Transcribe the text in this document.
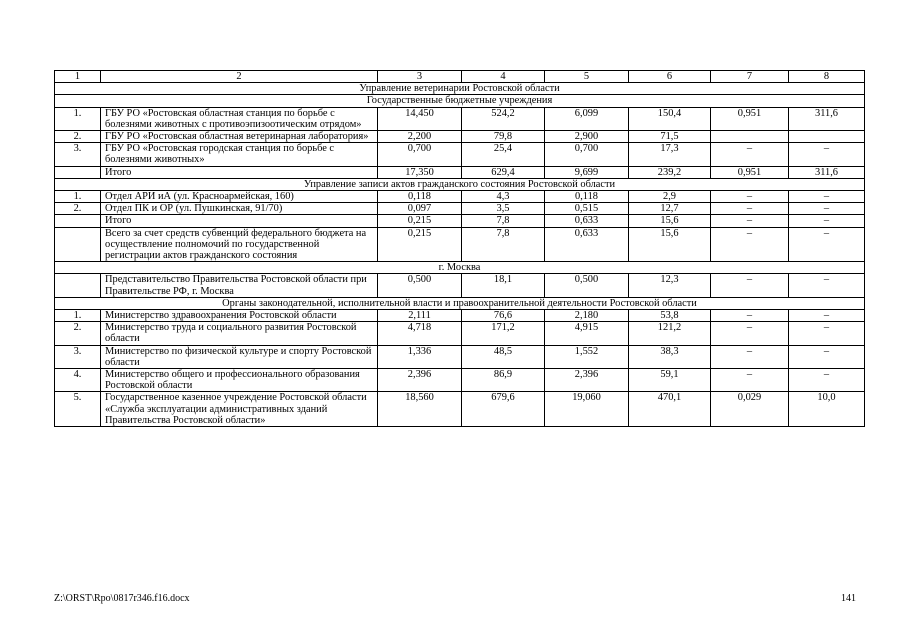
1	2	3	4	5	6	7	8
Управление ветеринарии Ростовской области							
Государственные бюджетные учреждения							
1.	ГБУ РО «Ростовская областная станция по борьбе с болезнями животных с противоэпизоотическим отрядом»	14,450	524,2	6,099	150,4	0,951	311,6
2.	ГБУ РО «Ростовская областная ветеринарная лаборатория»	2,200	79,8	2,900	71,5		
3.	ГБУ РО «Ростовская городская станция по борьбе с болезнями животных»	0,700	25,4	0,700	17,3	–	–
	Итого	17,350	629,4	9,699	239,2	0,951	311,6
Управление записи актов гражданского состояния Ростовской области							
1.	Отдел АРИ иА (ул. Красноармейская, 160)	0,118	4,3	0,118	2,9	–	–
2.	Отдел ПК и ОР (ул. Пушкинская, 91/70)	0,097	3,5	0,515	12,7	–	–
	Итого	0,215	7,8	0,633	15,6	–	–
	Всего за счет средств субвенций федерального бюджета на осуществление полномочий по государственной регистрации актов гражданского состояния	0,215	7,8	0,633	15,6	–	–
г. Москва							
	Представительство Правительства Ростовской области при Правительстве РФ, г. Москва	0,500	18,1	0,500	12,3	–	–
Органы законодательной, исполнительной власти и правоохранительной деятельности Ростовской области							
1.	Министерство здравоохранения Ростовской области	2,111	76,6	2,180	53,8	–	–
2.	Министерство труда и социального развития Ростовской области	4,718	171,2	4,915	121,2	–	–
3.	Министерство по физической культуре и спорту Ростовской области	1,336	48,5	1,552	38,3	–	–
4.	Министерство общего и профессионального образования Ростовской области	2,396	86,9	2,396	59,1	–	–
5.	Государственное казенное учреждение Ростовской области «Служба эксплуатации административных зданий Правительства Ростовской области»	18,560	679,6	19,060	470,1	0,029	10,0
Z:\ORST\Rpo\0817r346.f16.docx	141
